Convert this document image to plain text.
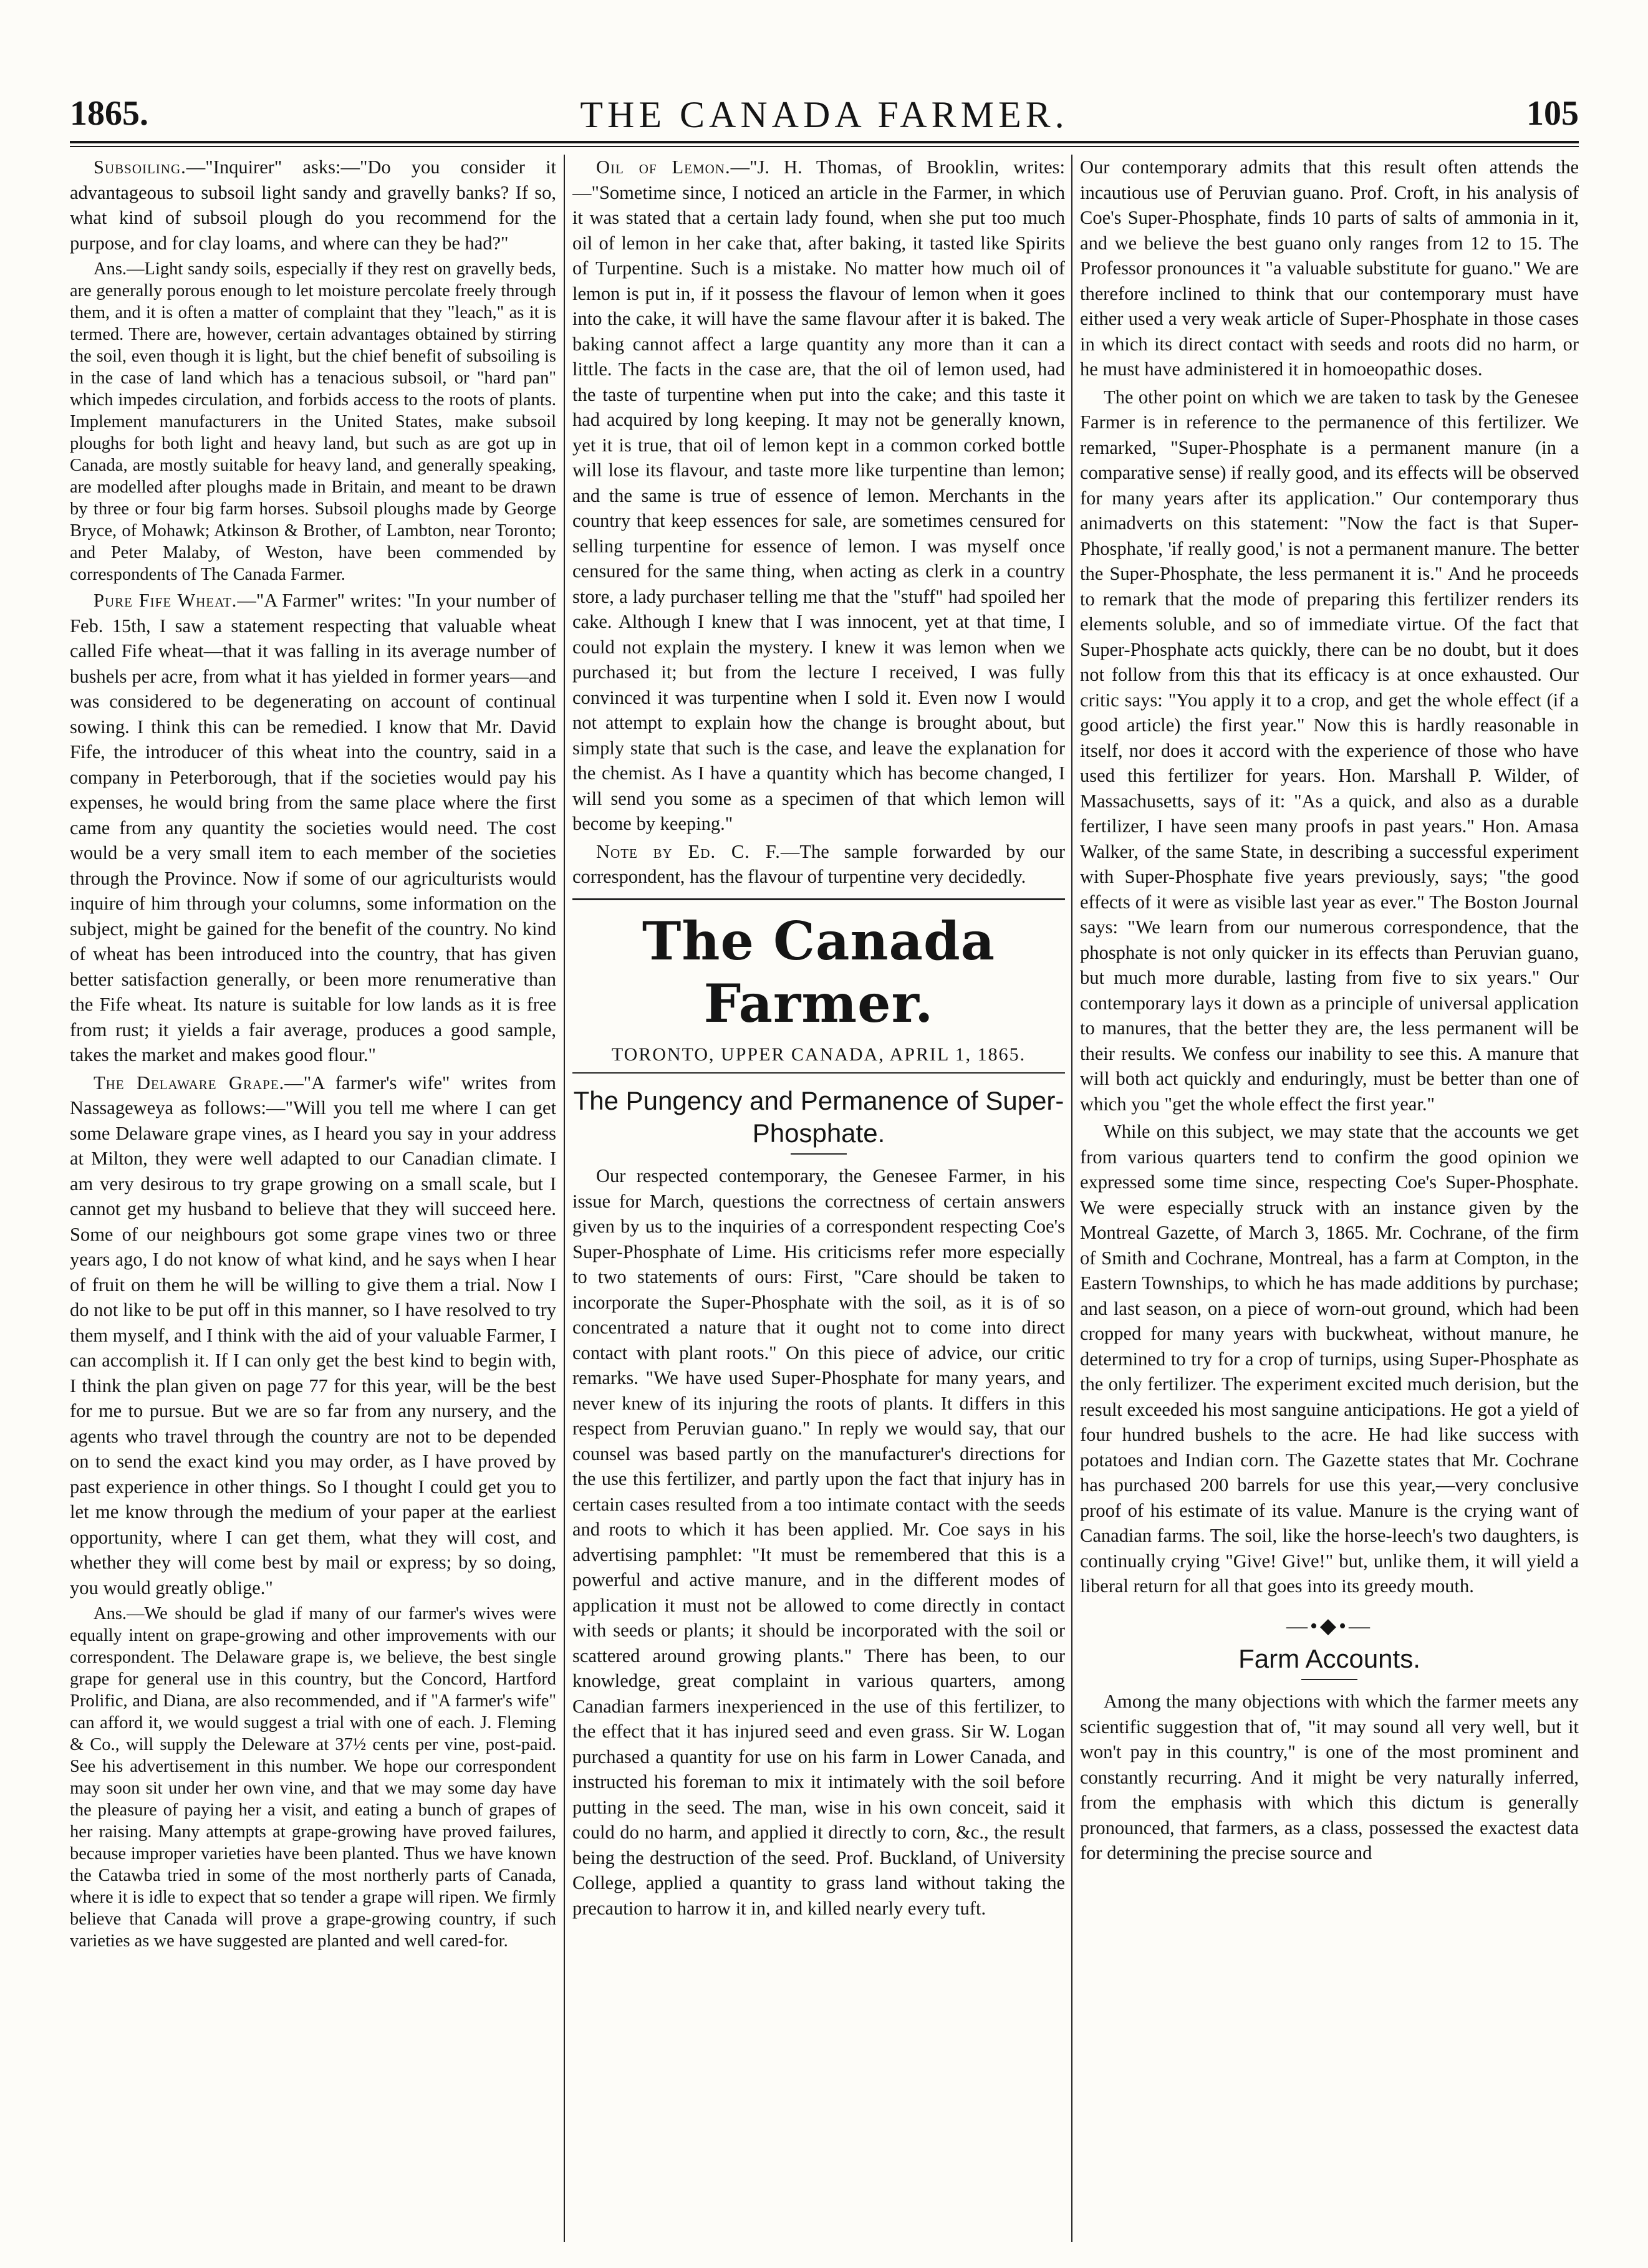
1865.	THE CANADA FARMER.	105

Subsoiling.—"Inquirer" asks:—"Do you consider it advantageous to subsoil light sandy and gravelly banks? If so, what kind of subsoil plough do you recommend for the purpose, and for clay loams, and where can they be had?"

Ans.—Light sandy soils, especially if they rest on gravelly beds, are generally porous enough to let moisture percolate freely through them, and it is often a matter of complaint that they "leach," as it is termed. There are, however, certain advantages obtained by stirring the soil, even though it is light, but the chief benefit of subsoiling is in the case of land which has a tenacious subsoil, or "hard pan" which impedes circulation, and forbids access to the roots of plants. Implement manufacturers in the United States, make subsoil ploughs for both light and heavy land, but such as are got up in Canada, are mostly suitable for heavy land, and generally speaking, are modelled after ploughs made in Britain, and meant to be drawn by three or four big farm horses. Subsoil ploughs made by George Bryce, of Mohawk; Atkinson & Brother, of Lambton, near Toronto; and Peter Malaby, of Weston, have been commended by correspondents of The Canada Farmer.

Pure Fife Wheat.—"A Farmer" writes: "In your number of Feb. 15th, I saw a statement respecting that valuable wheat called Fife wheat—that it was falling in its average number of bushels per acre, from what it has yielded in former years—and was considered to be degenerating on account of continual sowing. I think this can be remedied. I know that Mr. David Fife, the introducer of this wheat into the country, said in a company in Peterborough, that if the societies would pay his expenses, he would bring from the same place where the first came from any quantity the societies would need. The cost would be a very small item to each member of the societies through the Province. Now if some of our agriculturists would inquire of him through your columns, some information on the subject, might be gained for the benefit of the country. No kind of wheat has been introduced into the country, that has given better satisfaction generally, or been more renumerative than the Fife wheat. Its nature is suitable for low lands as it is free from rust; it yields a fair average, produces a good sample, takes the market and makes good flour."

The Delaware Grape.—"A farmer's wife" writes from Nassageweya as follows:—"Will you tell me where I can get some Delaware grape vines, as I heard you say in your address at Milton, they were well adapted to our Canadian climate. I am very desirous to try grape growing on a small scale, but I cannot get my husband to believe that they will succeed here. Some of our neighbours got some grape vines two or three years ago, I do not know of what kind, and he says when I hear of fruit on them he will be willing to give them a trial. Now I do not like to be put off in this manner, so I have resolved to try them myself, and I think with the aid of your valuable Farmer, I can accomplish it. If I can only get the best kind to begin with, I think the plan given on page 77 for this year, will be the best for me to pursue. But we are so far from any nursery, and the agents who travel through the country are not to be depended on to send the exact kind you may order, as I have proved by past experience in other things. So I thought I could get you to let me know through the medium of your paper at the earliest opportunity, where I can get them, what they will cost, and whether they will come best by mail or express; by so doing, you would greatly oblige."

Ans.—We should be glad if many of our farmer's wives were equally intent on grape-growing and other improvements with our correspondent. The Delaware grape is, we believe, the best single grape for general use in this country, but the Concord, Hartford Prolific, and Diana, are also recommended, and if "A farmer's wife" can afford it, we would suggest a trial with one of each. J. Fleming & Co., will supply the Deleware at 37½ cents per vine, post-paid. See his advertisement in this number. We hope our correspondent may soon sit under her own vine, and that we may some day have the pleasure of paying her a visit, and eating a bunch of grapes of her raising. Many attempts at grape-growing have proved failures, because improper varieties have been planted. Thus we have known the Catawba tried in some of the most northerly parts of Canada, where it is idle to expect that so tender a grape will ripen. We firmly believe that Canada will prove a grape-growing country, if such varieties as we have suggested are planted and well cared-for.

Oil of Lemon.—"J. H. Thomas, of Brooklin, writes: —"Sometime since, I noticed an article in the Farmer, in which it was stated that a certain lady found, when she put too much oil of lemon in her cake that, after baking, it tasted like Spirits of Turpentine. Such is a mistake. No matter how much oil of lemon is put in, if it possess the flavour of lemon when it goes into the cake, it will have the same flavour after it is baked. The baking cannot affect a large quantity any more than it can a little. The facts in the case are, that the oil of lemon used, had the taste of turpentine when put into the cake; and this taste it had acquired by long keeping. It may not be generally known, yet it is true, that oil of lemon kept in a common corked bottle will lose its flavour, and taste more like turpentine than lemon; and the same is true of essence of lemon. Merchants in the country that keep essences for sale, are sometimes censured for selling turpentine for essence of lemon. I was myself once censured for the same thing, when acting as clerk in a country store, a lady purchaser telling me that the "stuff" had spoiled her cake. Although I knew that I was innocent, yet at that time, I could not explain the mystery. I knew it was lemon when we purchased it; but from the lecture I received, I was fully convinced it was turpentine when I sold it. Even now I would not attempt to explain how the change is brought about, but simply state that such is the case, and leave the explanation for the chemist. As I have a quantity which has become changed, I will send you some as a specimen of that which lemon will become by keeping."

Note by Ed. C. F.—The sample forwarded by our correspondent, has the flavour of turpentine very decidedly.

The Canada Farmer.
TORONTO, UPPER CANADA, APRIL 1, 1865.
The Pungency and Permanence of Super-Phosphate.

Our respected contemporary, the Genesee Farmer, in his issue for March, questions the correctness of certain answers given by us to the inquiries of a correspondent respecting Coe's Super-Phosphate of Lime. His criticisms refer more especially to two statements of ours: First, "Care should be taken to incorporate the Super-Phosphate with the soil, as it is of so concentrated a nature that it ought not to come into direct contact with plant roots." On this piece of advice, our critic remarks. "We have used Super-Phosphate for many years, and never knew of its injuring the roots of plants. It differs in this respect from Peruvian guano." In reply we would say, that our counsel was based partly on the manufacturer's directions for the use this fertilizer, and partly upon the fact that injury has in certain cases resulted from a too intimate contact with the seeds and roots to which it has been applied. Mr. Coe says in his advertising pamphlet: "It must be remembered that this is a powerful and active manure, and in the different modes of application it must not be allowed to come directly in contact with seeds or plants; it should be incorporated with the soil or scattered around growing plants." There has been, to our knowledge, great complaint in various quarters, among Canadian farmers inexperienced in the use of this fertilizer, to the effect that it has injured seed and even grass. Sir W. Logan purchased a quantity for use on his farm in Lower Canada, and instructed his foreman to mix it intimately with the soil before putting in the seed. The man, wise in his own conceit, said it could do no harm, and applied it directly to corn, &c., the result being the destruction of the seed. Prof. Buckland, of University College, applied a quantity to grass land without taking the precaution to harrow it in, and killed nearly every tuft.

Our contemporary admits that this result often attends the incautious use of Peruvian guano. Prof. Croft, in his analysis of Coe's Super-Phosphate, finds 10 parts of salts of ammonia in it, and we believe the best guano only ranges from 12 to 15. The Professor pronounces it "a valuable substitute for guano." We are therefore inclined to think that our contemporary must have either used a very weak article of Super-Phosphate in those cases in which its direct contact with seeds and roots did no harm, or he must have administered it in homoeopathic doses.

The other point on which we are taken to task by the Genesee Farmer is in reference to the permanence of this fertilizer. We remarked, "Super-Phosphate is a permanent manure (in a comparative sense) if really good, and its effects will be observed for many years after its application." Our contemporary thus animadverts on this statement: "Now the fact is that Super-Phosphate, 'if really good,' is not a permanent manure. The better the Super-Phosphate, the less permanent it is." And he proceeds to remark that the mode of preparing this fertilizer renders its elements soluble, and so of immediate virtue. Of the fact that Super-Phosphate acts quickly, there can be no doubt, but it does not follow from this that its efficacy is at once exhausted. Our critic says: "You apply it to a crop, and get the whole effect (if a good article) the first year." Now this is hardly reasonable in itself, nor does it accord with the experience of those who have used this fertilizer for years. Hon. Marshall P. Wilder, of Massachusetts, says of it: "As a quick, and also as a durable fertilizer, I have seen many proofs in past years." Hon. Amasa Walker, of the same State, in describing a successful experiment with Super-Phosphate five years previously, says; "the good effects of it were as visible last year as ever." The Boston Journal says: "We learn from our numerous correspondence, that the phosphate is not only quicker in its effects than Peruvian guano, but much more durable, lasting from five to six years." Our contemporary lays it down as a principle of universal application to manures, that the better they are, the less permanent will be their results. We confess our inability to see this. A manure that will both act quickly and enduringly, must be better than one of which you "get the whole effect the first year."

While on this subject, we may state that the accounts we get from various quarters tend to confirm the good opinion we expressed some time since, respecting Coe's Super-Phosphate. We were especially struck with an instance given by the Montreal Gazette, of March 3, 1865. Mr. Cochrane, of the firm of Smith and Cochrane, Montreal, has a farm at Compton, in the Eastern Townships, to which he has made additions by purchase; and last season, on a piece of worn-out ground, which had been cropped for many years with buckwheat, without manure, he determined to try for a crop of turnips, using Super-Phosphate as the only fertilizer. The experiment excited much derision, but the result exceeded his most sanguine anticipations. He got a yield of four hundred bushels to the acre. He had like success with potatoes and Indian corn. The Gazette states that Mr. Cochrane has purchased 200 barrels for use this year,—very conclusive proof of his estimate of its value. Manure is the crying want of Canadian farms. The soil, like the horse-leech's two daughters, is continually crying "Give! Give!" but, unlike them, it will yield a liberal return for all that goes into its greedy mouth.

—•◆•—
Farm Accounts.

Among the many objections with which the farmer meets any scientific suggestion that of, "it may sound all very well, but it won't pay in this country," is one of the most prominent and constantly recurring. And it might be very naturally inferred, from the emphasis with which this dictum is generally pronounced, that farmers, as a class, possessed the exactest data for determining the precise source and
